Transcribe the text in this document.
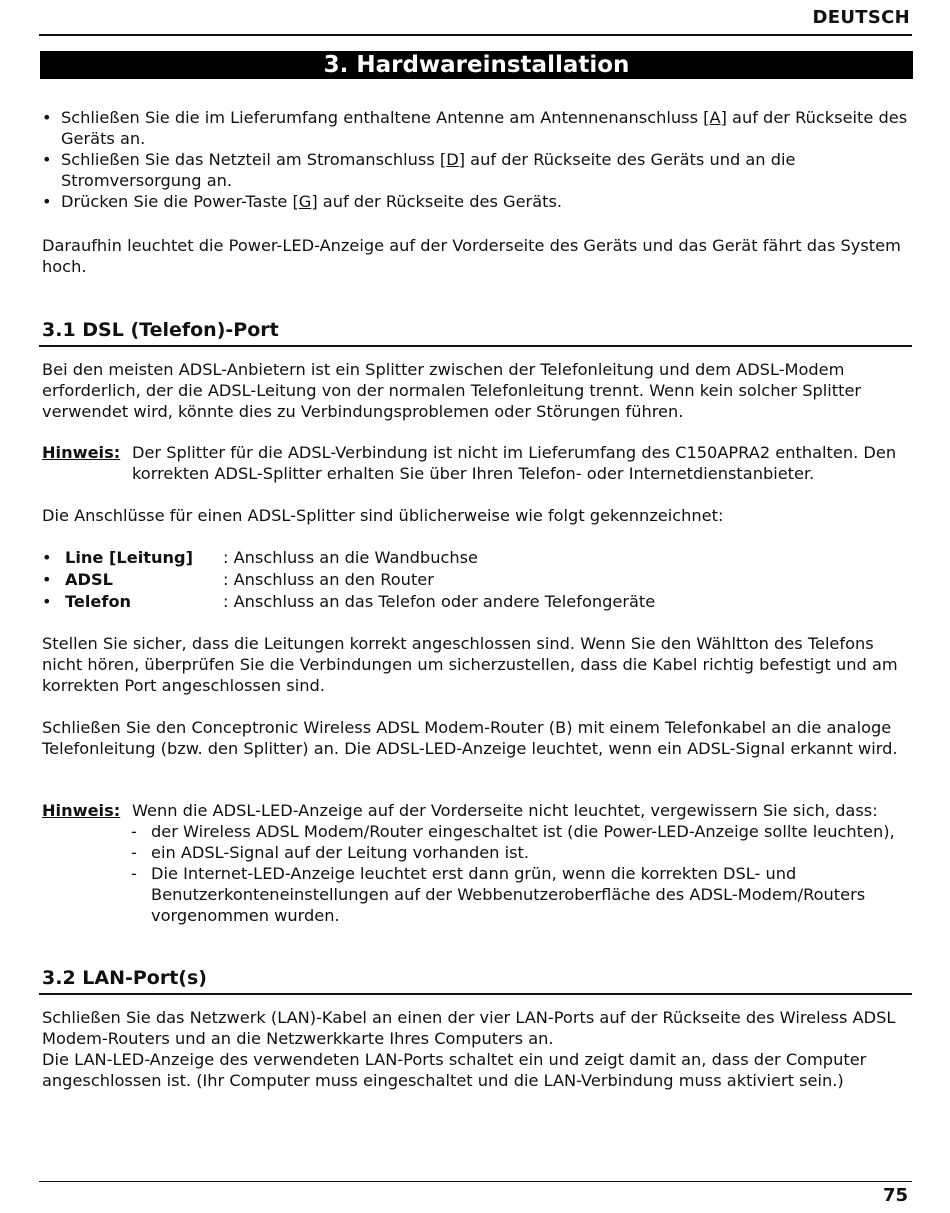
DEUTSCH
3. Hardwareinstallation
• Schließen Sie die im Lieferumfang enthaltene Antenne am Antennenanschluss [A] auf der Rückseite des Geräts an.
• Schließen Sie das Netzteil am Stromanschluss [D] auf der Rückseite des Geräts und an die Stromversorgung an.
• Drücken Sie die Power-Taste [G] auf der Rückseite des Geräts.
Daraufhin leuchtet die Power-LED-Anzeige auf der Vorderseite des Geräts und das Gerät fährt das System hoch.
3.1 DSL (Telefon)-Port
Bei den meisten ADSL-Anbietern ist ein Splitter zwischen der Telefonleitung und dem ADSL-Modem erforderlich, der die ADSL-Leitung von der normalen Telefonleitung trennt. Wenn kein solcher Splitter verwendet wird, könnte dies zu Verbindungsproblemen oder Störungen führen.
Hinweis: Der Splitter für die ADSL-Verbindung ist nicht im Lieferumfang des C150APRA2 enthalten. Den korrekten ADSL-Splitter erhalten Sie über Ihren Telefon- oder Internetdienstanbieter.
Die Anschlüsse für einen ADSL-Splitter sind üblicherweise wie folgt gekennzeichnet:
• Line [Leitung] : Anschluss an die Wandbuchse
• ADSL	: Anschluss an den Router
• Telefon	: Anschluss an das Telefon oder andere Telefongeräte
Stellen Sie sicher, dass die Leitungen korrekt angeschlossen sind. Wenn Sie den Wähltton des Telefons nicht hören, überprüfen Sie die Verbindungen um sicherzustellen, dass die Kabel richtig befestigt und am korrekten Port angeschlossen sind.
Schließen Sie den Conceptronic Wireless ADSL Modem-Router (B) mit einem Telefonkabel an die analoge Telefonleitung (bzw. den Splitter) an. Die ADSL-LED-Anzeige leuchtet, wenn ein ADSL-Signal erkannt wird.
Hinweis: Wenn die ADSL-LED-Anzeige auf der Vorderseite nicht leuchtet, vergewissern Sie sich, dass:
- der Wireless ADSL Modem/Router eingeschaltet ist (die Power-LED-Anzeige sollte leuchten),
- ein ADSL-Signal auf der Leitung vorhanden ist.
- Die Internet-LED-Anzeige leuchtet erst dann grün, wenn die korrekten DSL- und Benutzerkonteneinstellungen auf der Webbenutzeroberfläche des ADSL-Modem/Routers vorgenommen wurden.
3.2 LAN-Port(s)
Schließen Sie das Netzwerk (LAN)-Kabel an einen der vier LAN-Ports auf der Rückseite des Wireless ADSL Modem-Routers und an die Netzwerkkarte Ihres Computers an.
Die LAN-LED-Anzeige des verwendeten LAN-Ports schaltet ein und zeigt damit an, dass der Computer angeschlossen ist. (Ihr Computer muss eingeschaltet und die LAN-Verbindung muss aktiviert sein.)
75
